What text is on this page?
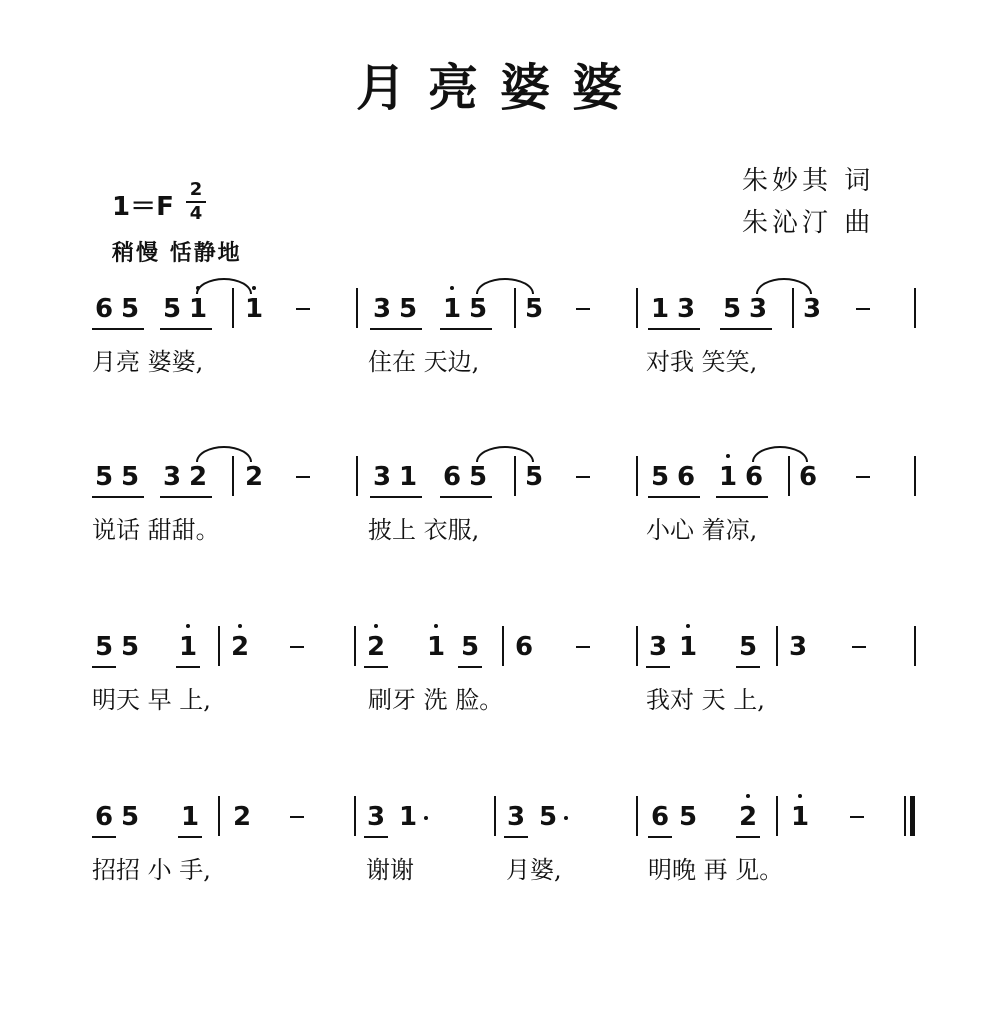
月亮婆婆
朱妙其 词
朱沁汀 曲
1＝F
2
4
稍慢 恬静地
6 5 5 1 1	3 5 1 5 5	1 3 5 3 3
月亮 婆婆,	住在 天边,	对我 笑笑,
5 5 3 2 2	3 1 6 5 5	5 6 1 6 6
说话 甜甜。	披上 衣服,	小心 着凉,
5 5 1 2	2 1 5 6	3 1 5 3
明天 早 上,	刷牙 洗 脸。	我对 天 上,
6 5 1 2	3 1	3 5	6 5 2 1
招招 小 手,	谢谢	月婆,	明晚 再 见。
